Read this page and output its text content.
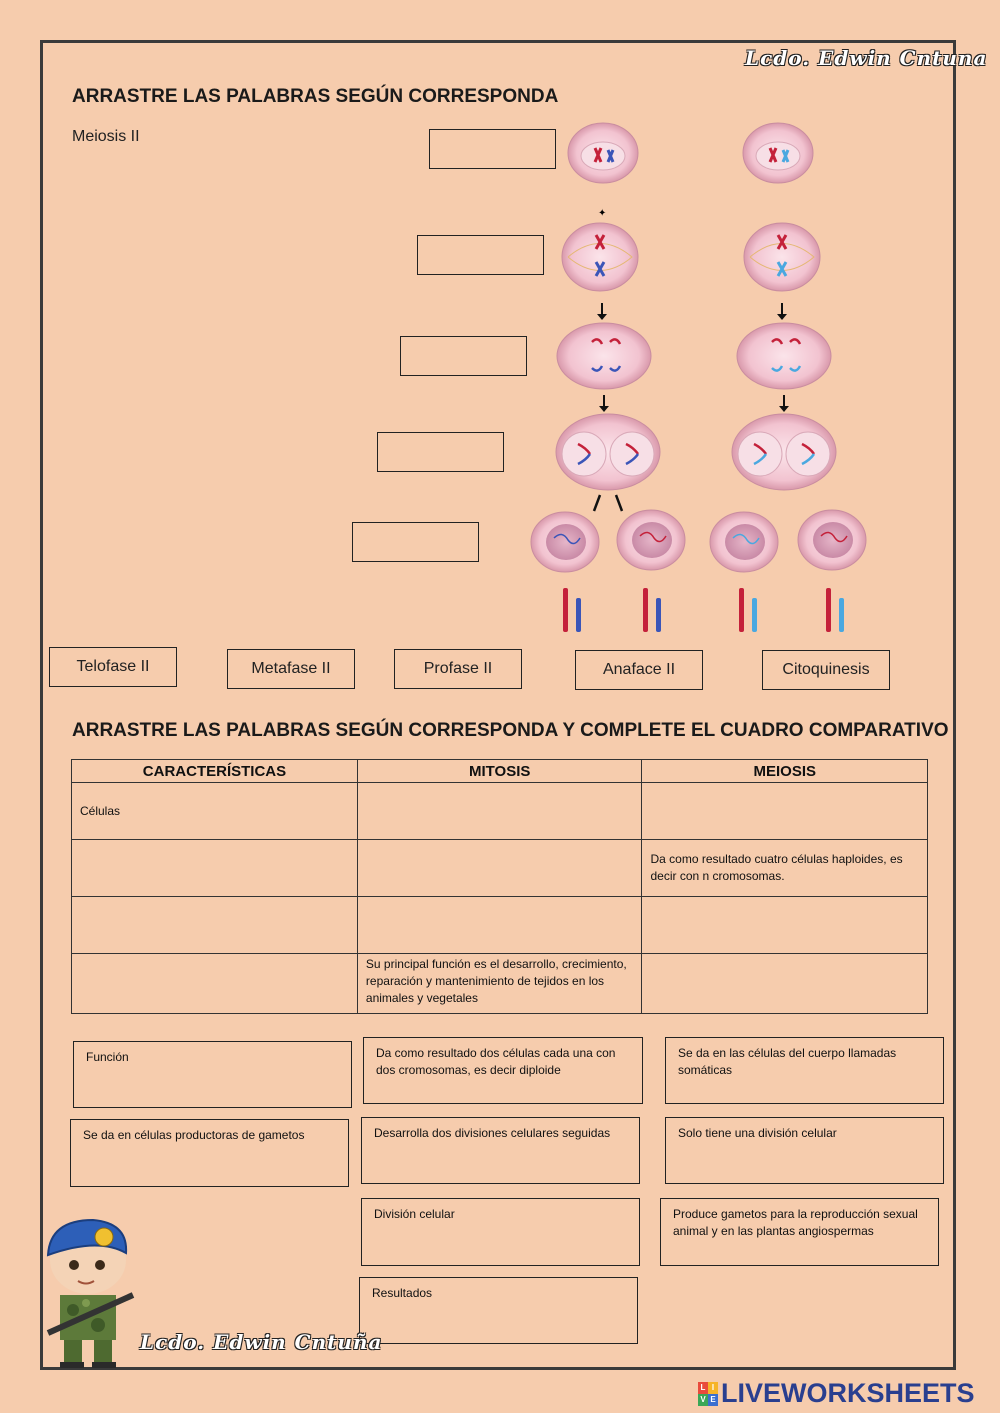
Lcdo. Edwin Cntuna
ARRASTRE LAS PALABRAS SEGÚN CORRESPONDA
Meiosis II
✦
Telofase II	Metafase II	Profase II	Anaface II	Citoquinesis
ARRASTRE LAS PALABRAS SEGÚN CORRESPONDA Y COMPLETE EL CUADRO COMPARATIVO
CARACTERÍSTICAS	MITOSIS	MEIOSIS
Células		
		Da como resultado cuatro células haploides, es decir con n cromosomas.

	Su principal función es el desarrollo, crecimiento, reparación y mantenimiento de tejidos en los animales y vegetales	
Función	Da como resultado dos células cada una con dos cromosomas, es decir diploide
Se da en las células del cuerpo llamadas somáticas
Se da en células productoras de gametos	Desarrolla dos divisiones celulares seguidas	Solo tiene una división celular
División celular	Produce gametos para la reproducción sexual animal y en las plantas angiospermas
Resultados
Lcdo. Edwin Cntuña
L I
V E LIVEWORKSHEETS
